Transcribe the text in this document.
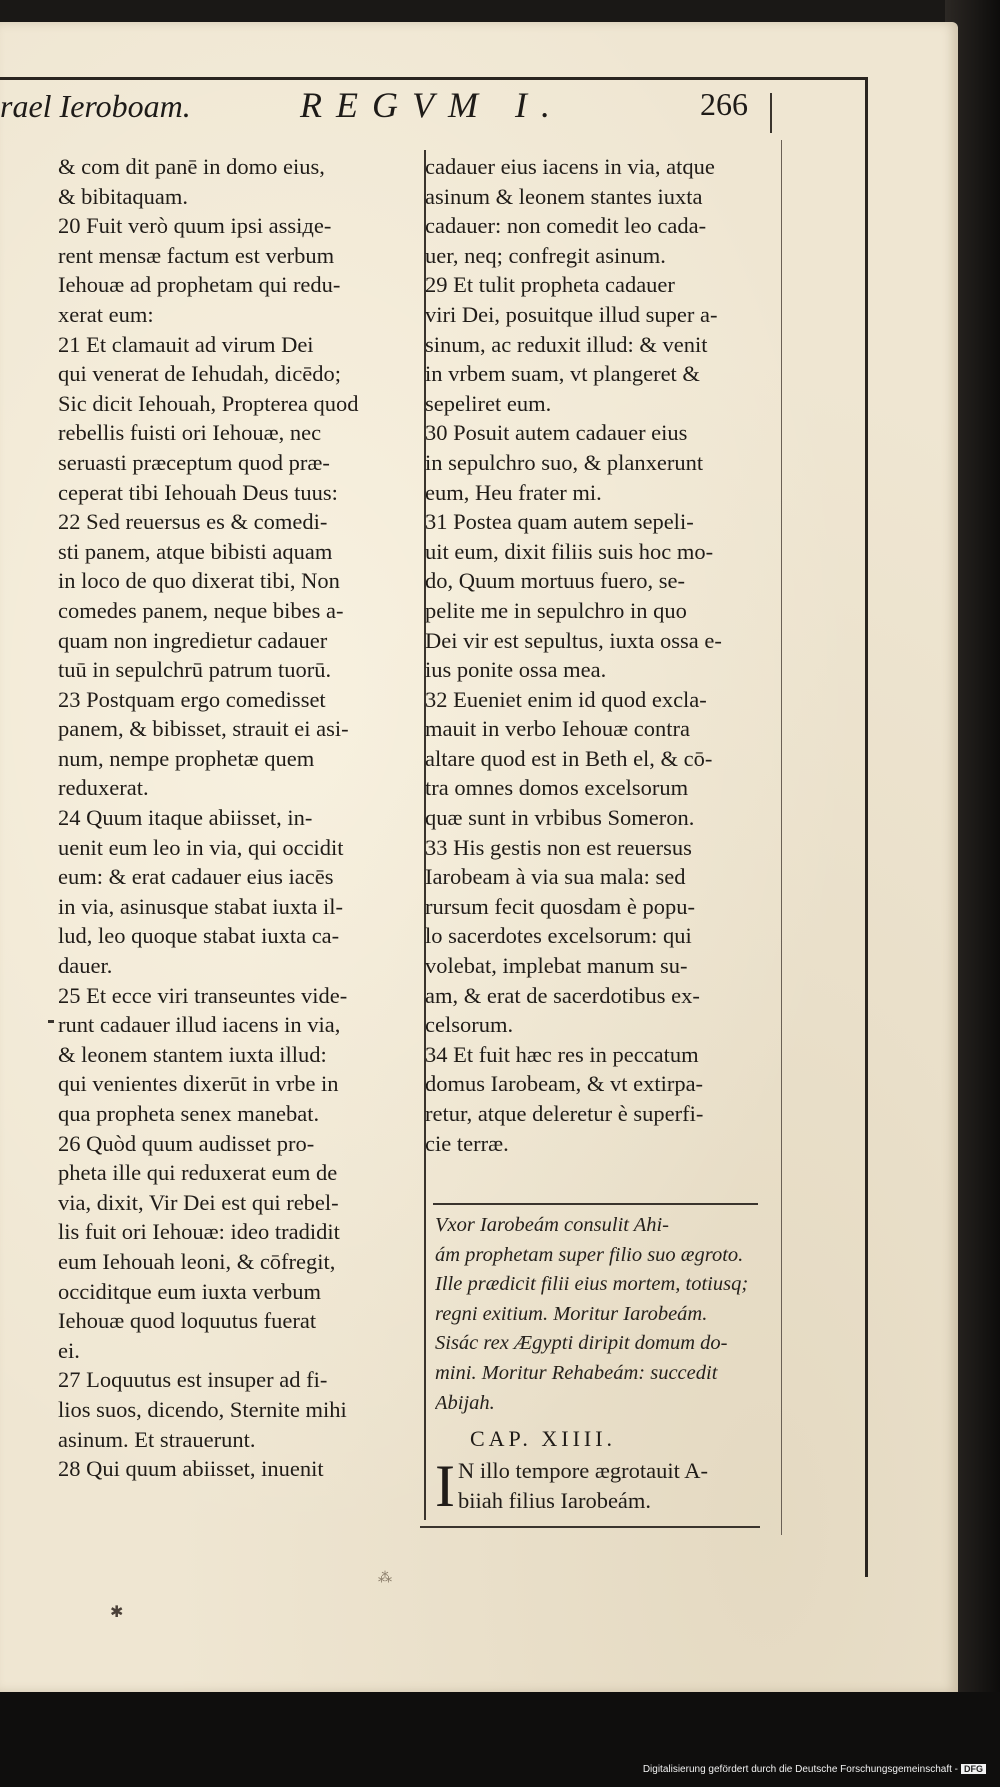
rael Ieroboam.	REGVM I.	266
& com dit panē in domo eius,
& bibitaquam.
20 Fuit verò quum ipsi assiде-
rent mensæ factum est verbum
Iehouæ ad prophetam qui redu-
xerat eum:
21 Et clamauit ad virum Dei
qui venerat de Iehudah, dicēdo;
Sic dicit Iehouah, Propterea quod
rebellis fuisti ori Iehouæ, nec
seruasti præceptum quod præ-
ceperat tibi Iehouah Deus tuus:
22 Sed reuersus es & comedi-
sti panem, atque bibisti aquam
in loco de quo dixerat tibi, Non
comedes panem, neque bibes a-
quam non ingredietur cadauer
tuū in sepulchrū patrum tuorū.
23 Postquam ergo comedisset
panem, & bibisset, strauit ei asi-
num, nempe prophetæ quem
reduxerat.
24 Quum itaque abiisset, in-
uenit eum leo in via, qui occidit
eum: & erat cadauer eius iacēs
in via, asinusque stabat iuxta il-
lud, leo quoque stabat iuxta ca-
dauer.
25 Et ecce viri transeuntes vide-
runt cadauer illud iacens in via,
& leonem stantem iuxta illud:
qui venientes dixerūt in vrbe in
qua propheta senex manebat.
26 Quòd quum audisset pro-
pheta ille qui reduxerat eum de
via, dixit, Vir Dei est qui rebel-
lis fuit ori Iehouæ: ideo tradidit
eum Iehouah leoni, & cōfregit,
occiditque eum iuxta verbum
Iehouæ quod loquutus fuerat
ei.
27 Loquutus est insuper ad fi-
lios suos, dicendo, Sternite mihi
asinum. Et strauerunt.
28 Qui quum abiisset, inuenit
cadauer eius iacens in via, atque
asinum & leonem stantes iuxta
cadauer: non comedit leo cada-
uer, neq; confregit asinum.
29 Et tulit propheta cadauer
viri Dei, posuitque illud super a-
sinum, ac reduxit illud: & venit
in vrbem suam, vt plangeret &
sepeliret eum.
30 Posuit autem cadauer eius
in sepulchro suo, & planxerunt
eum, Heu frater mi.
31 Postea quam autem sepeli-
uit eum, dixit filiis suis hoc mo-
do, Quum mortuus fuero, se-
pelite me in sepulchro in quo
Dei vir est sepultus, iuxta ossa e-
ius ponite ossa mea.
32 Eueniet enim id quod excla-
mauit in verbo Iehouæ contra
altare quod est in Beth el, & cō-
tra omnes domos excelsorum
quæ sunt in vrbibus Someron.
33 His gestis non est reuersus
Iarobeam à via sua mala: sed
rursum fecit quosdam è popu-
lo sacerdotes excelsorum: qui
volebat, implebat manum su-
am, & erat de sacerdotibus ex-
celsorum.
34 Et fuit hæc res in peccatum
domus Iarobeam, & vt extirpa-
retur, atque deleretur è superfi-
cie terræ.
Vxor Iarobeám consulit Ahi-
ám prophetam super filio suo ægroto.
Ille prædicit filii eius mortem, totiusq;
regni exitium. Moritur Iarobeám.
Sisác rex Ægypti diripit domum do-
mini. Moritur Rehabeám: succedit
Abijah.
CAP. XIIII.
I N illo tempore ægrotauit A-
biiah filius Iarobeám.
⁂
✱
Digitalisierung gefördert durch die Deutsche Forschungsgemeinschaft - DFG
